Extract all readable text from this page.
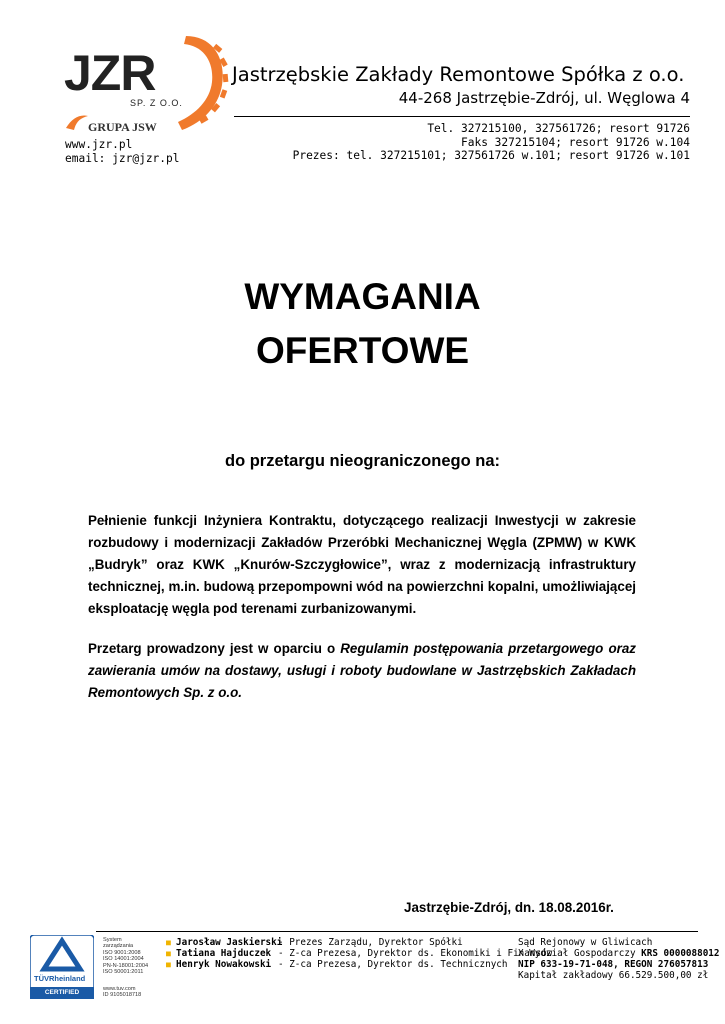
JZR
SP. Z O.O.
GRUPA JSW
Jastrzębskie Zakłady Remontowe Spółka z o.o.
44-268 Jastrzębie-Zdrój, ul. Węglowa 4
Tel. 327215100, 327561726; resort 91726
Faks 327215104; resort 91726 w.104
Prezes: tel. 327215101; 327561726 w.101; resort 91726 w.101
www.jzr.pl
email: jzr@jzr.pl
WYMAGANIA
OFERTOWE
do przetargu nieograniczonego na:
Pełnienie funkcji Inżyniera Kontraktu, dotyczącego realizacji Inwestycji w zakresie rozbudowy i modernizacji Zakładów Przeróbki Mechanicznej Węgla (ZPMW) w KWK „Budryk” oraz KWK „Knurów-Szczygłowice”, wraz z modernizacją infrastruktury technicznej, m.in. budową przepompowni wód na powierzchni kopalni, umożliwiającej eksploatację węgla pod terenami zurbanizowanymi.
Przetarg prowadzony jest w oparciu o Regulamin postępowania przetargowego oraz zawierania umów na dostawy, usługi i roboty budowlane w Jastrzębskich Zakładach Remontowych Sp. z o.o.
Jastrzębie-Zdrój, dn. 18.08.2016r.
TÜVRheinland
CERTIFIED
System
zarządzania
ISO 9001:2008
ISO 14001:2004
PN-N-18001:2004
ISO 50001:2011
www.tuv.com
ID 9105018718
■ Jarosław Jaskierski
- Prezes Zarządu, Dyrektor Spółki
■ Tatiana Hajduczek - Z-ca Prezesa, Dyrektor ds. Ekonomiki i Finansów
■ Henryk Nowakowski - Z-ca Prezesa, Dyrektor ds. Technicznych
Sąd Rejonowy w Gliwicach
X Wydział Gospodarczy KRS 0000088012
NIP 633-19-71-048, REGON 276057813
Kapitał zakładowy 66.529.500,00 zł
